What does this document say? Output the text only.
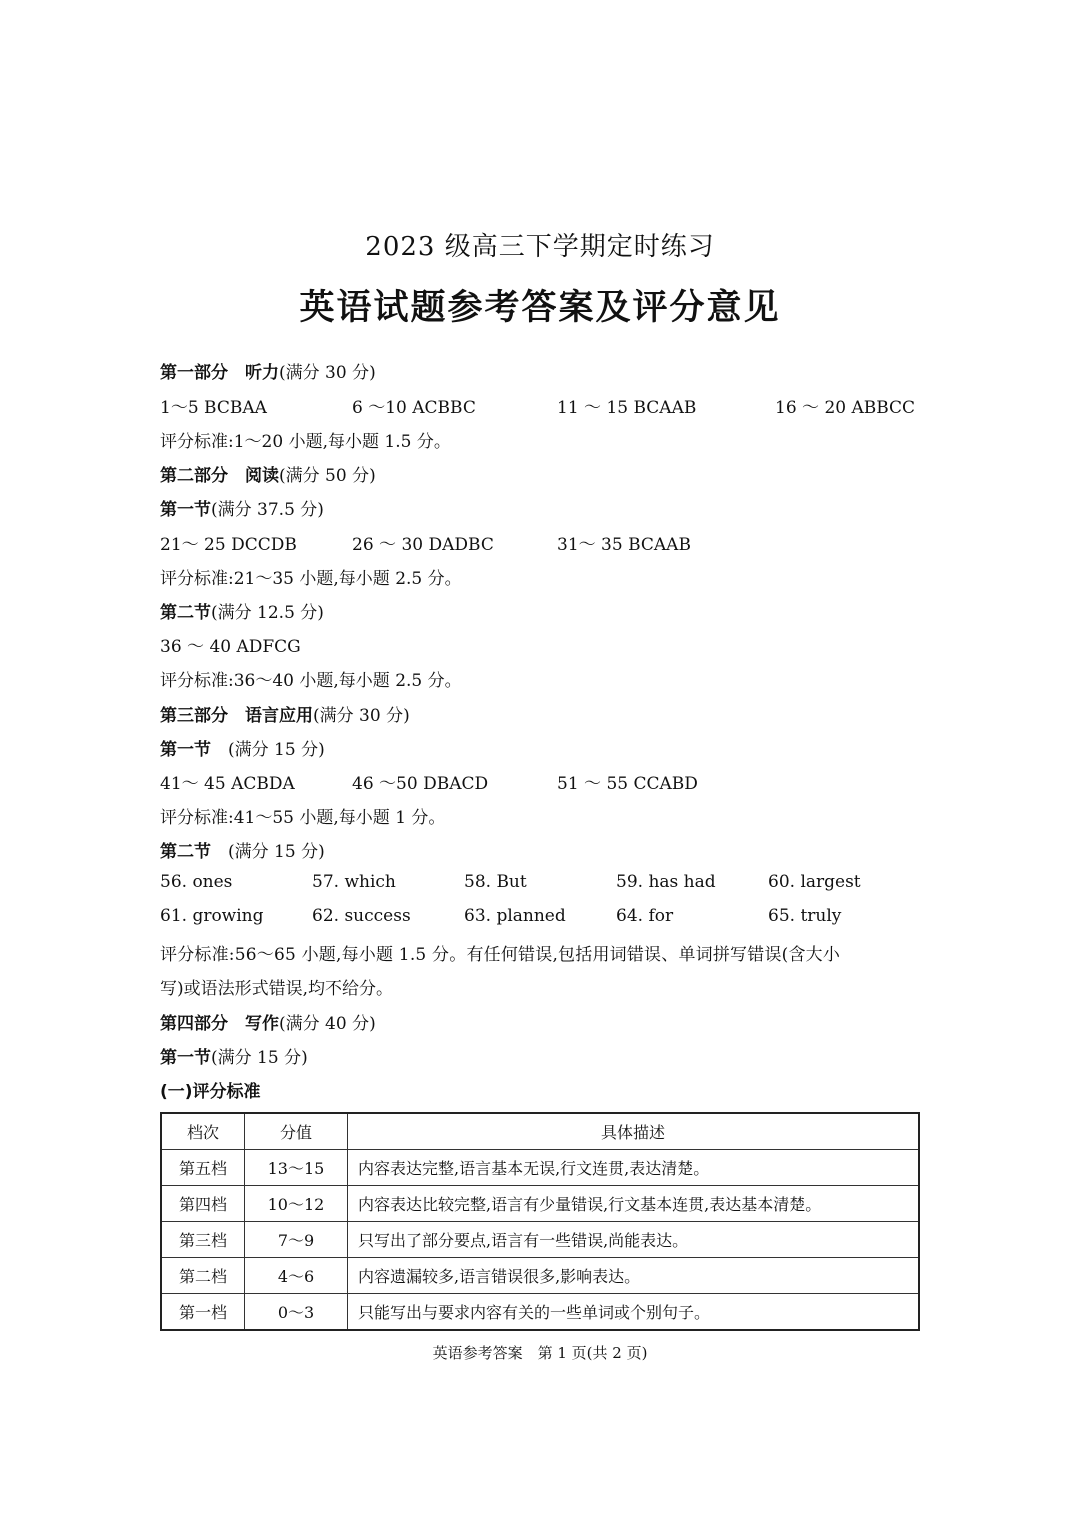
2023 级高三下学期定时练习
英语试题参考答案及评分意见
第一部分　听力(满分 30 分)
1～5 BCBAA	6 ～10 ACBBC	11 ～ 15 BCAAB	16 ～ 20 ABBCC
评分标准:1～20 小题,每小题 1.5 分。
第二部分　阅读(满分 50 分)
第一节(满分 37.5 分)
21～ 25 DCCDB	26 ～ 30 DADBC	31～ 35 BCAAB
评分标准:21～35 小题,每小题 2.5 分。
第二节(满分 12.5 分)
36 ～ 40 ADFCG
评分标准:36～40 小题,每小题 2.5 分。
第三部分　语言应用(满分 30 分)
第一节　(满分 15 分)
41～ 45 ACBDA	46 ～50 DBACD	51 ～ 55 CCABD
评分标准:41～55 小题,每小题 1 分。
第二节　(满分 15 分)
56. ones	57. which	58. But	59. has had	60. largest
61. growing	62. success	63. planned	64. for	65. truly
评分标准:56～65 小题,每小题 1.5 分。有任何错误,包括用词错误、单词拼写错误(含大小
写)或语法形式错误,均不给分。
第四部分　写作(满分 40 分)
第一节(满分 15 分)
(一)评分标准
档次	分值	具体描述
第五档	13～15	内容表达完整,语言基本无误,行文连贯,表达清楚。
第四档	10～12	内容表达比较完整,语言有少量错误,行文基本连贯,表达基本清楚。
第三档	7～9	只写出了部分要点,语言有一些错误,尚能表达。
第二档	4～6	内容遗漏较多,语言错误很多,影响表达。
第一档	0～3	只能写出与要求内容有关的一些单词或个别句子。
英语参考答案　第 1 页(共 2 页)
